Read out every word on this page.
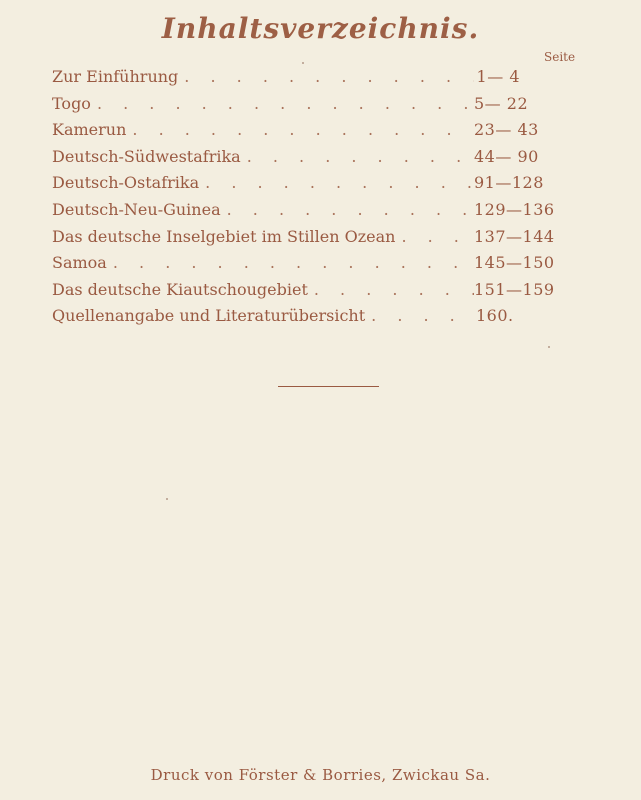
Inhaltsverzeichnis.
Seite
Zur Einführung . . .	1— 4
Togo . . .	5— 22
Kamerun . . .	23— 43
Deutsch-Südwestafrika . . .	44— 90
Deutsch-Ostafrika . . .	91—128
Deutsch-Neu-Guinea . . .	129—136
Das deutsche Inselgebiet im Stillen Ozean . . .	137—144
Samoa . . .	145—150
Das deutsche Kiautschougebiet . . .	151—159
Quellenangabe und Literaturübersicht . . .	160.
Druck von Förster & Borries, Zwickau Sa.
